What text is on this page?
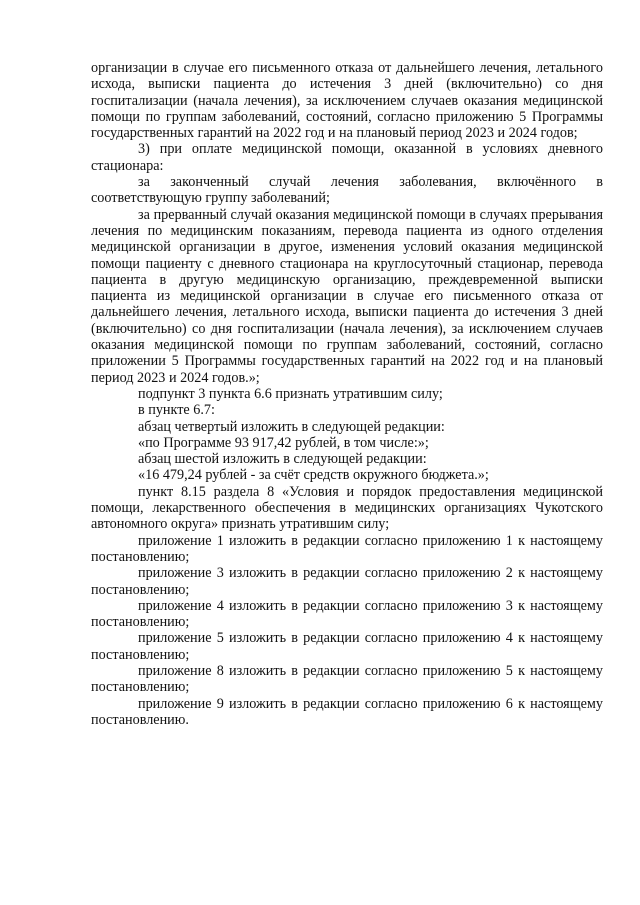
организации в случае его письменного отказа от дальнейшего лечения, летального исхода, выписки пациента до истечения 3 дней (включительно) со дня госпитализации (начала лечения), за исключением случаев оказания медицинской помощи по группам заболеваний, состояний, согласно приложению 5 Программы государственных гарантий на 2022 год и на плановый период 2023 и 2024 годов;

3) при оплате медицинской помощи, оказанной в условиях дневного стационара:

за законченный случай лечения заболевания, включённого в соответствующую группу заболеваний;

за прерванный случай оказания медицинской помощи в случаях прерывания лечения по медицинским показаниям, перевода пациента из одного отделения медицинской организации в другое, изменения условий оказания медицинской помощи пациенту с дневного стационара на круглосуточный стационар, перевода пациента в другую медицинскую организацию, преждевременной выписки пациента из медицинской организации в случае его письменного отказа от дальнейшего лечения, летального исхода, выписки пациента до истечения 3 дней (включительно) со дня госпитализации (начала лечения), за исключением случаев оказания медицинской помощи по группам заболеваний, состояний, согласно приложении 5 Программы государственных гарантий на 2022 год и на плановый период 2023 и 2024 годов.»;

подпункт 3 пункта 6.6 признать утратившим силу;

в пункте 6.7:

абзац четвертый изложить в следующей редакции:

«по Программе 93 917,42 рублей, в том числе:»;

абзац шестой изложить в следующей редакции:

«16 479,24 рублей - за счёт средств окружного бюджета.»;

пункт 8.15 раздела 8 «Условия и порядок предоставления медицинской помощи, лекарственного обеспечения в медицинских организациях Чукотского автономного округа» признать утратившим силу;

приложение 1 изложить в редакции согласно приложению 1 к настоящему постановлению;

приложение 3 изложить в редакции согласно приложению 2 к настоящему постановлению;

приложение 4 изложить в редакции согласно приложению 3 к настоящему постановлению;

приложение 5 изложить в редакции согласно приложению 4 к настоящему постановлению;

приложение 8 изложить в редакции согласно приложению 5 к настоящему постановлению;

приложение 9 изложить в редакции согласно приложению 6 к настоящему постановлению.
